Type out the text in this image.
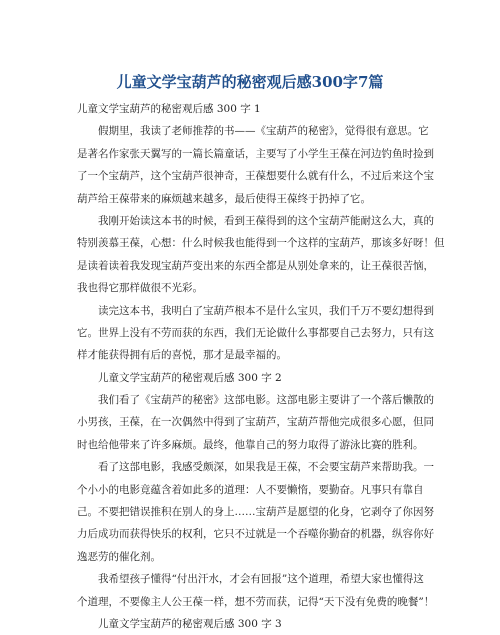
儿童文学宝葫芦的秘密观后感300字7篇
儿童文学宝葫芦的秘密观后感 300 字 1
假期里，我读了老师推荐的书——《宝葫芦的秘密》，觉得很有意思。它
是著名作家张天翼写的一篇长篇童话，主要写了小学生王葆在河边钓鱼时捡到
了一个宝葫芦，这个宝葫芦很神奇，王葆想要什么就有什么，不过后来这个宝
葫芦给王葆带来的麻烦越来越多，最后使得王葆终于扔掉了它。
我刚开始读这本书的时候，看到王葆得到的这个宝葫芦能耐这么大，真的
特别羡慕王葆，心想：什么时候我也能得到一个这样的宝葫芦，那该多好呀！但
是读着读着我发现宝葫芦变出来的东西全都是从别处拿来的，让王葆很苦恼，
我也得它那样做很不光彩。
读完这本书，我明白了宝葫芦根本不是什么宝贝，我们千万不要幻想得到
它。世界上没有不劳而获的东西，我们无论做什么事都要自己去努力，只有这
样才能获得拥有后的喜悦，那才是最幸福的。
儿童文学宝葫芦的秘密观后感 300 字 2
我们看了《宝葫芦的秘密》这部电影。这部电影主要讲了一个落后懒散的
小男孩，王葆，在一次偶然中得到了宝葫芦，宝葫芦帮他完成很多心愿，但同
时也给他带来了许多麻烦。最终，他靠自己的努力取得了游泳比赛的胜利。
看了这部电影，我感受颇深，如果我是王葆，不会要宝葫芦来帮助我。一
个小小的电影竟蕴含着如此多的道理：人不要懒惰，要勤奋。凡事只有靠自
己。不要把错误推积在别人的身上……宝葫芦是愿望的化身，它剥夺了你因努
力后成功而获得快乐的权利，它只不过就是一个吞噬你勤奋的机器，纵容你好
逸恶劳的催化剂。
我希望孩子懂得“付出汗水，才会有回报”这个道理，希望大家也懂得这
个道理，不要像主人公王葆一样，想不劳而获，记得“天下没有免费的晚餐”！
儿童文学宝葫芦的秘密观后感 300 字 3
